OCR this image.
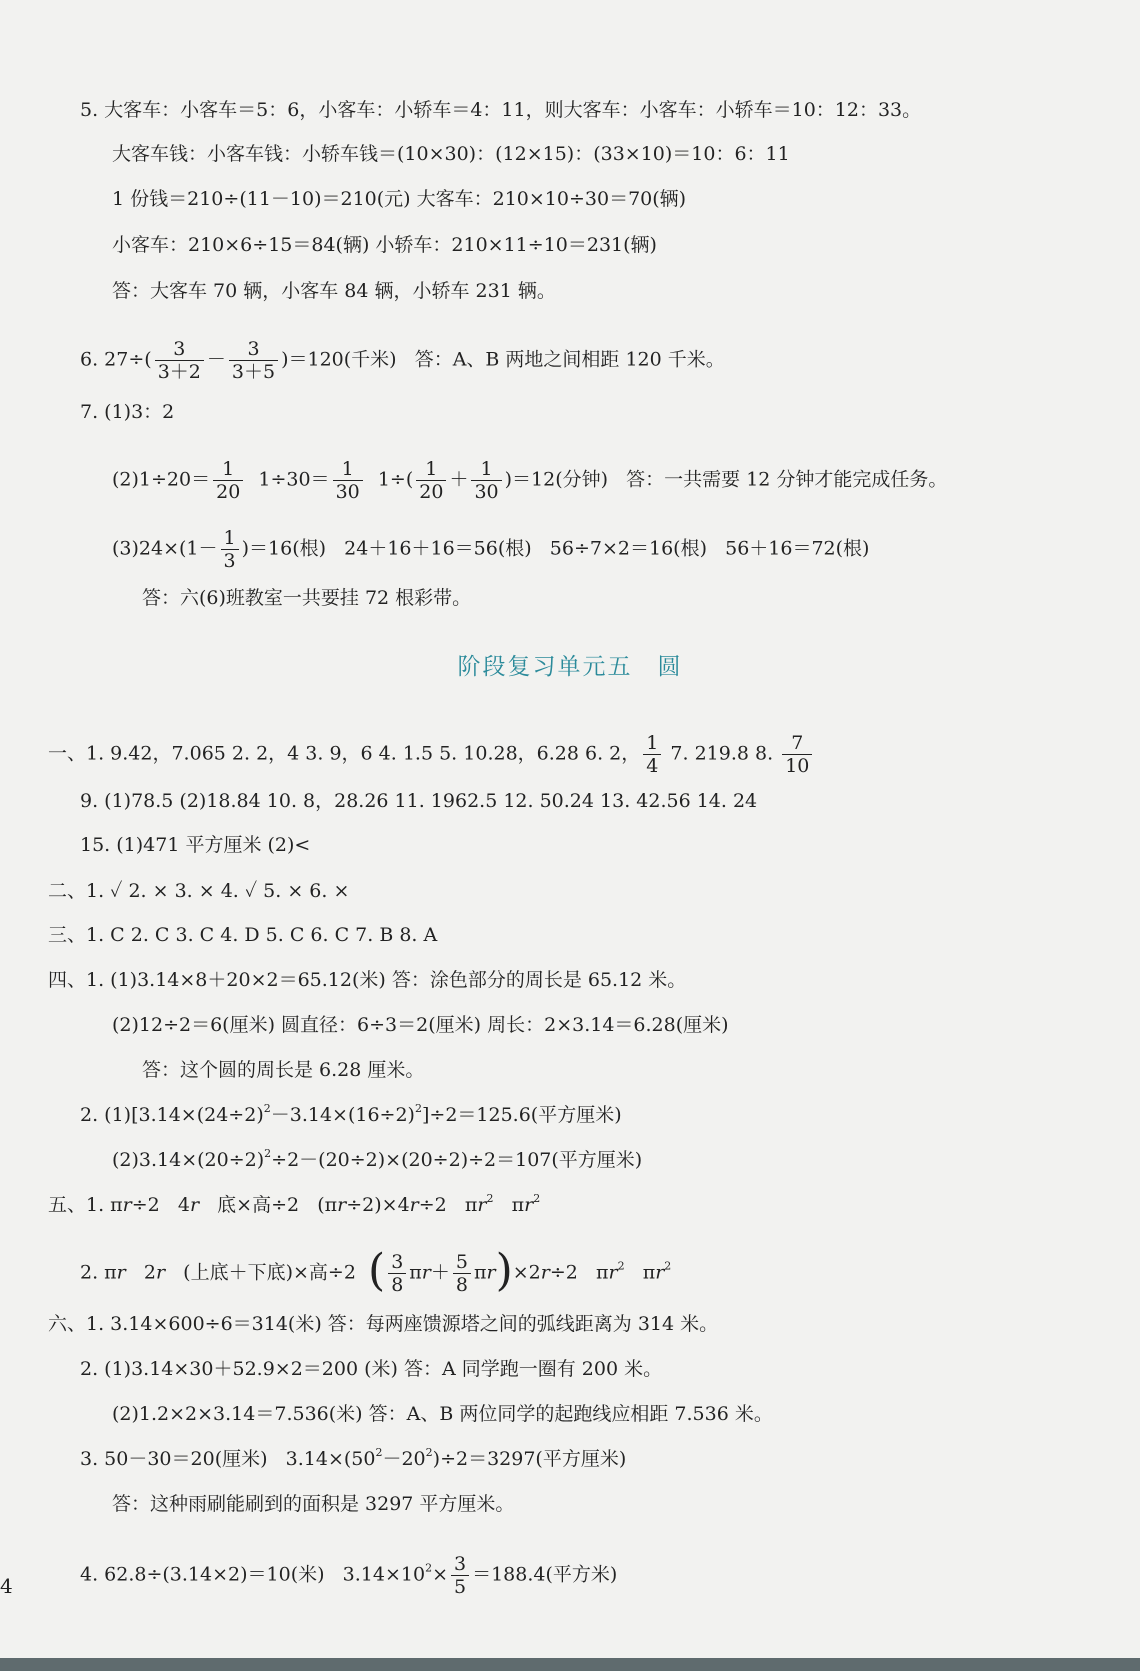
5. 大客车：小客车＝5：6，小客车：小轿车＝4：11，则大客车：小客车：小轿车＝10：12：33。
大客车钱：小客车钱：小轿车钱＝(10×30)：(12×15)：(33×10)＝10：6：11
1 份钱＝210÷(11－10)＝210(元) 大客车：210×10÷30＝70(辆)
小客车：210×6÷15＝84(辆) 小轿车：210×11÷10＝231(辆)
答：大客车 70 辆，小客车 84 辆，小轿车 231 辆。
6. $27\div( \frac{3}{3+2} - \frac{3}{3+5} )=120$(千米)   答：A、B 两地之间相距 120 千米。
7. (1)3：2
$(2)1\div 20= \frac{1}{20} 1\div 30= \frac{1}{30} 1\div( \frac{1}{20} + \frac{1}{30} )=12$(分钟)   答：一共需要 12 分钟才能完成任务。
$(3)24\times(1- \frac{1}{3} )=16$(根)   24＋16＋16＝56(根)   56÷7×2＝16(根)   56＋16＝72(根)
答：六(6)班教室一共要挂 72 根彩带。
阶段复习单元五　圆
一、1. 9.42，7.065 2. 2，4 3. 9，6 4. 1.5 5. 10.28，6.28 6. 2， $\frac{1}{4} 7$. 219.8 8. $\frac{7}{10}$
9. (1)78.5 (2)18.84 10. 8，28.26 11. 1962.5 12. 50.24 13. 42.56 14. 24
15. (1)471 平方厘米 (2)<
二、1. ✓ 2. × 3. × 4. ✓ 5. × 6. ×
三、1. C 2. C 3. C 4. D 5. C 6. C 7. B 8. A
四、1. (1)3.14×8＋20×2＝65.12(米) 答：涂色部分的周长是 65.12 米。
(2)12÷2＝6(厘米) 圆直径：6÷3＝2(厘米) 周长：2×3.14＝6.28(厘米)
答：这个圆的周长是 6.28 厘米。
2. $(1)[3.14\times(24\div 2)^2-3.14\times(16\div 2)^2]\div 2=125.6$(平方厘米)
$(2)3.14\times(20\div 2)^2\div 2-(20\div 2)\times(20\div 2)\div 2=107$(平方厘米)
五、1. πr÷2   4r   底×高÷2   (πr÷2)×4r÷2   $\pi r^2$   $\pi r^2$
2. πr   2r   (上底＋下底)×高÷2  ( $\frac{3}{8} \pi r+ \frac{5}{8} \pi r)\times 2r\div 2$   $\pi r^2$   $\pi r^2$
六、1. 3.14×600÷6＝314(米) 答：每两座馈源塔之间的弧线距离为 314 米。
2. (1)3.14×30＋52.9×2＝200 (米) 答：A 同学跑一圈有 200 米。
(2)1.2×2×3.14＝7.536(米) 答：A、B 两位同学的起跑线应相距 7.536 米。
3. 50－30＝20(厘米)   $3.14\times(50^2-20^2)\div 2=3297$(平方厘米)
答：这种雨刷能刷到的面积是 3297 平方厘米。
4. 62.8÷(3.14×2)＝10(米)   $3.14\times 10^2\times \frac{3}{5} =188.4$(平方米)
4
